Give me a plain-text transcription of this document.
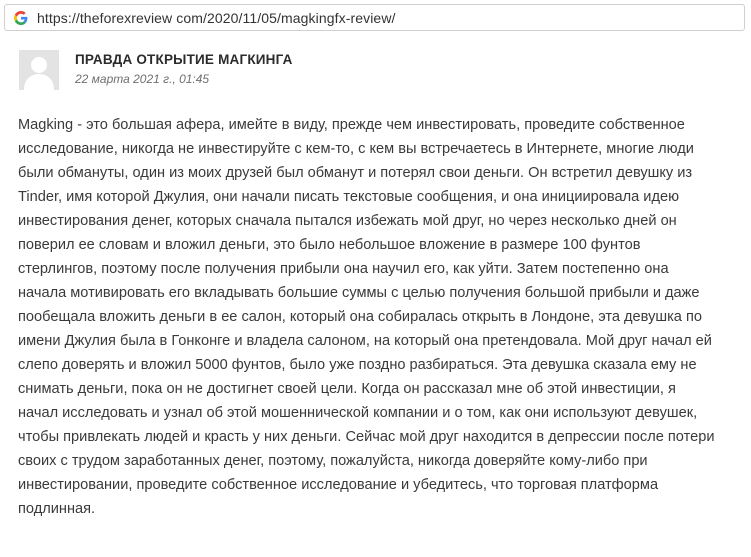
https://theforexreview com/2020/11/05/magkingfx-review/
ПРАВДА ОТКРЫТИЕ МАГКИНГА
22 марта 2021 г., 01:45
Magking - это большая афера, имейте в виду, прежде чем инвестировать, проведите собственное
исследование, никогда не инвестируйте с кем-то, с кем вы встречаетесь в Интернете, многие люди
были обмануты, один из моих друзей был обманут и потерял свои деньги. Он встретил девушку из
Tinder, имя которой Джулия, они начали писать текстовые сообщения, и она инициировала идею
инвестирования денег, которых сначала пытался избежать мой друг, но через несколько дней он
поверил ее словам и вложил деньги, это было небольшое вложение в размере 100 фунтов
стерлингов, поэтому после получения прибыли она научил его, как уйти. Затем постепенно она
начала мотивировать его вкладывать большие суммы с целью получения большой прибыли и даже
пообещала вложить деньги в ее салон, который она собиралась открыть в Лондоне, эта девушка по
имени Джулия была в Гонконге и владела салоном, на который она претендовала. Мой друг начал ей
слепо доверять и вложил 5000 фунтов, было уже поздно разбираться. Эта девушка сказала ему не
снимать деньги, пока он не достигнет своей цели. Когда он рассказал мне об этой инвестиции, я
начал исследовать и узнал об этой мошеннической компании и о том, как они используют девушек,
чтобы привлекать людей и красть у них деньги. Сейчас мой друг находится в депрессии после потери
своих с трудом заработанных денег, поэтому, пожалуйста, никогда доверяйте кому-либо при
инвестировании, проведите собственное исследование и убедитесь, что торговая платформа
подлинная.
